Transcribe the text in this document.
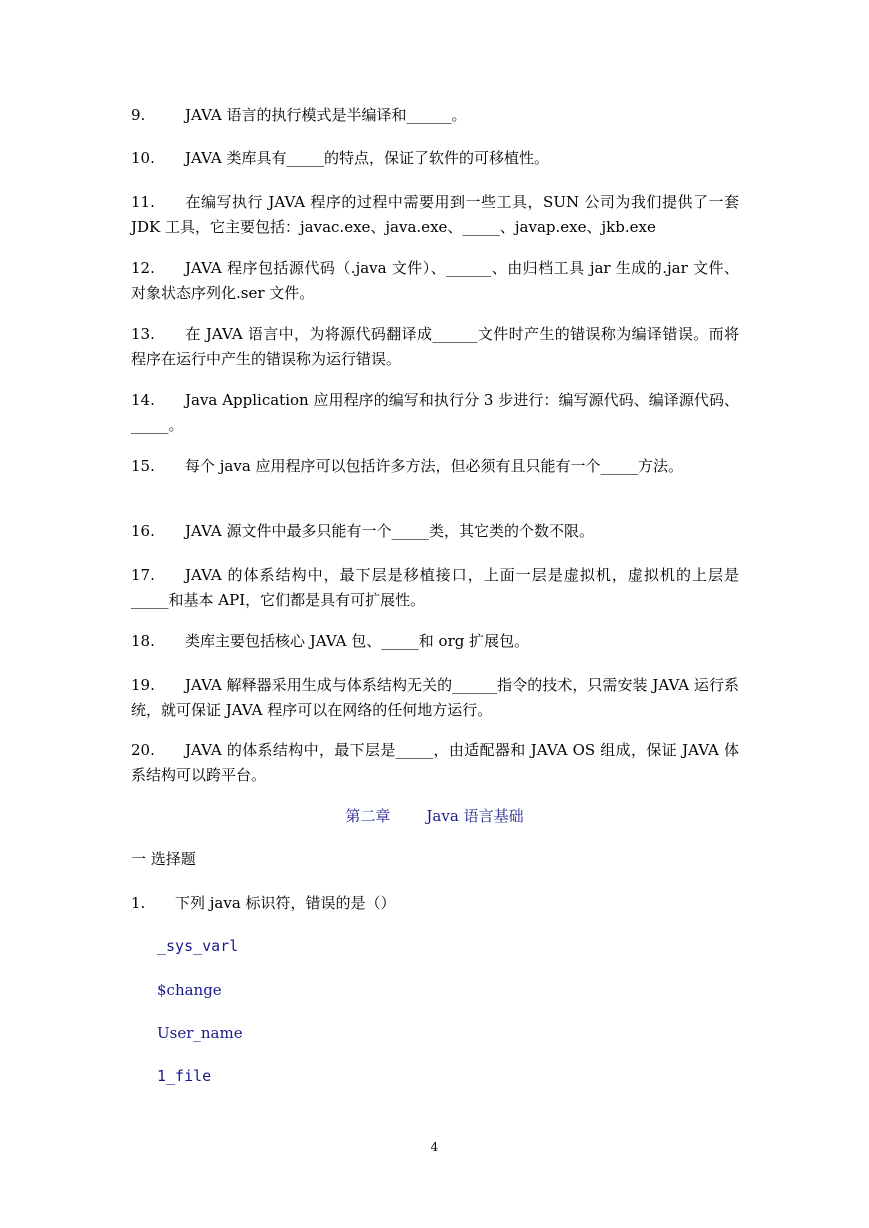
9.	JAVA 语言的执行模式是半编译和______。

10. JAVA 类库具有_____的特点，保证了软件的可移植性。

11. 在编写执行 JAVA 程序的过程中需要用到一些工具，SUN 公司为我们提供了一套 JDK 工具，它主要包括：javac.exe、java.exe、_____、javap.exe、jkb.exe

12. JAVA 程序包括源代码（.java 文件）、______、由归档工具 jar 生成的.jar 文件、对象状态序列化.ser 文件。

13. 在 JAVA 语言中，为将源代码翻译成______文件时产生的错误称为编译错误。而将程序在运行中产生的错误称为运行错误。

14. Java Application 应用程序的编写和执行分 3 步进行：编写源代码、编译源代码、_____。

15. 每个 java 应用程序可以包括许多方法，但必须有且只能有一个_____方法。

16. JAVA 源文件中最多只能有一个_____类，其它类的个数不限。

17. JAVA 的体系结构中，最下层是移植接口，上面一层是虚拟机，虚拟机的上层是_____和基本 API，它们都是具有可扩展性。

18. 类库主要包括核心 JAVA 包、_____和 org 扩展包。

19. JAVA 解释器采用生成与体系结构无关的______指令的技术，只需安装 JAVA 运行系统，就可保证 JAVA 程序可以在网络的任何地方运行。

20. JAVA 的体系结构中，最下层是_____，由适配器和 JAVA OS 组成，保证 JAVA 体系结构可以跨平台。

第二章 Java 语言基础

一 选择题

1. 下列 java 标识符，错误的是（）

_sys_varl

$change

User_name

1_file

4
